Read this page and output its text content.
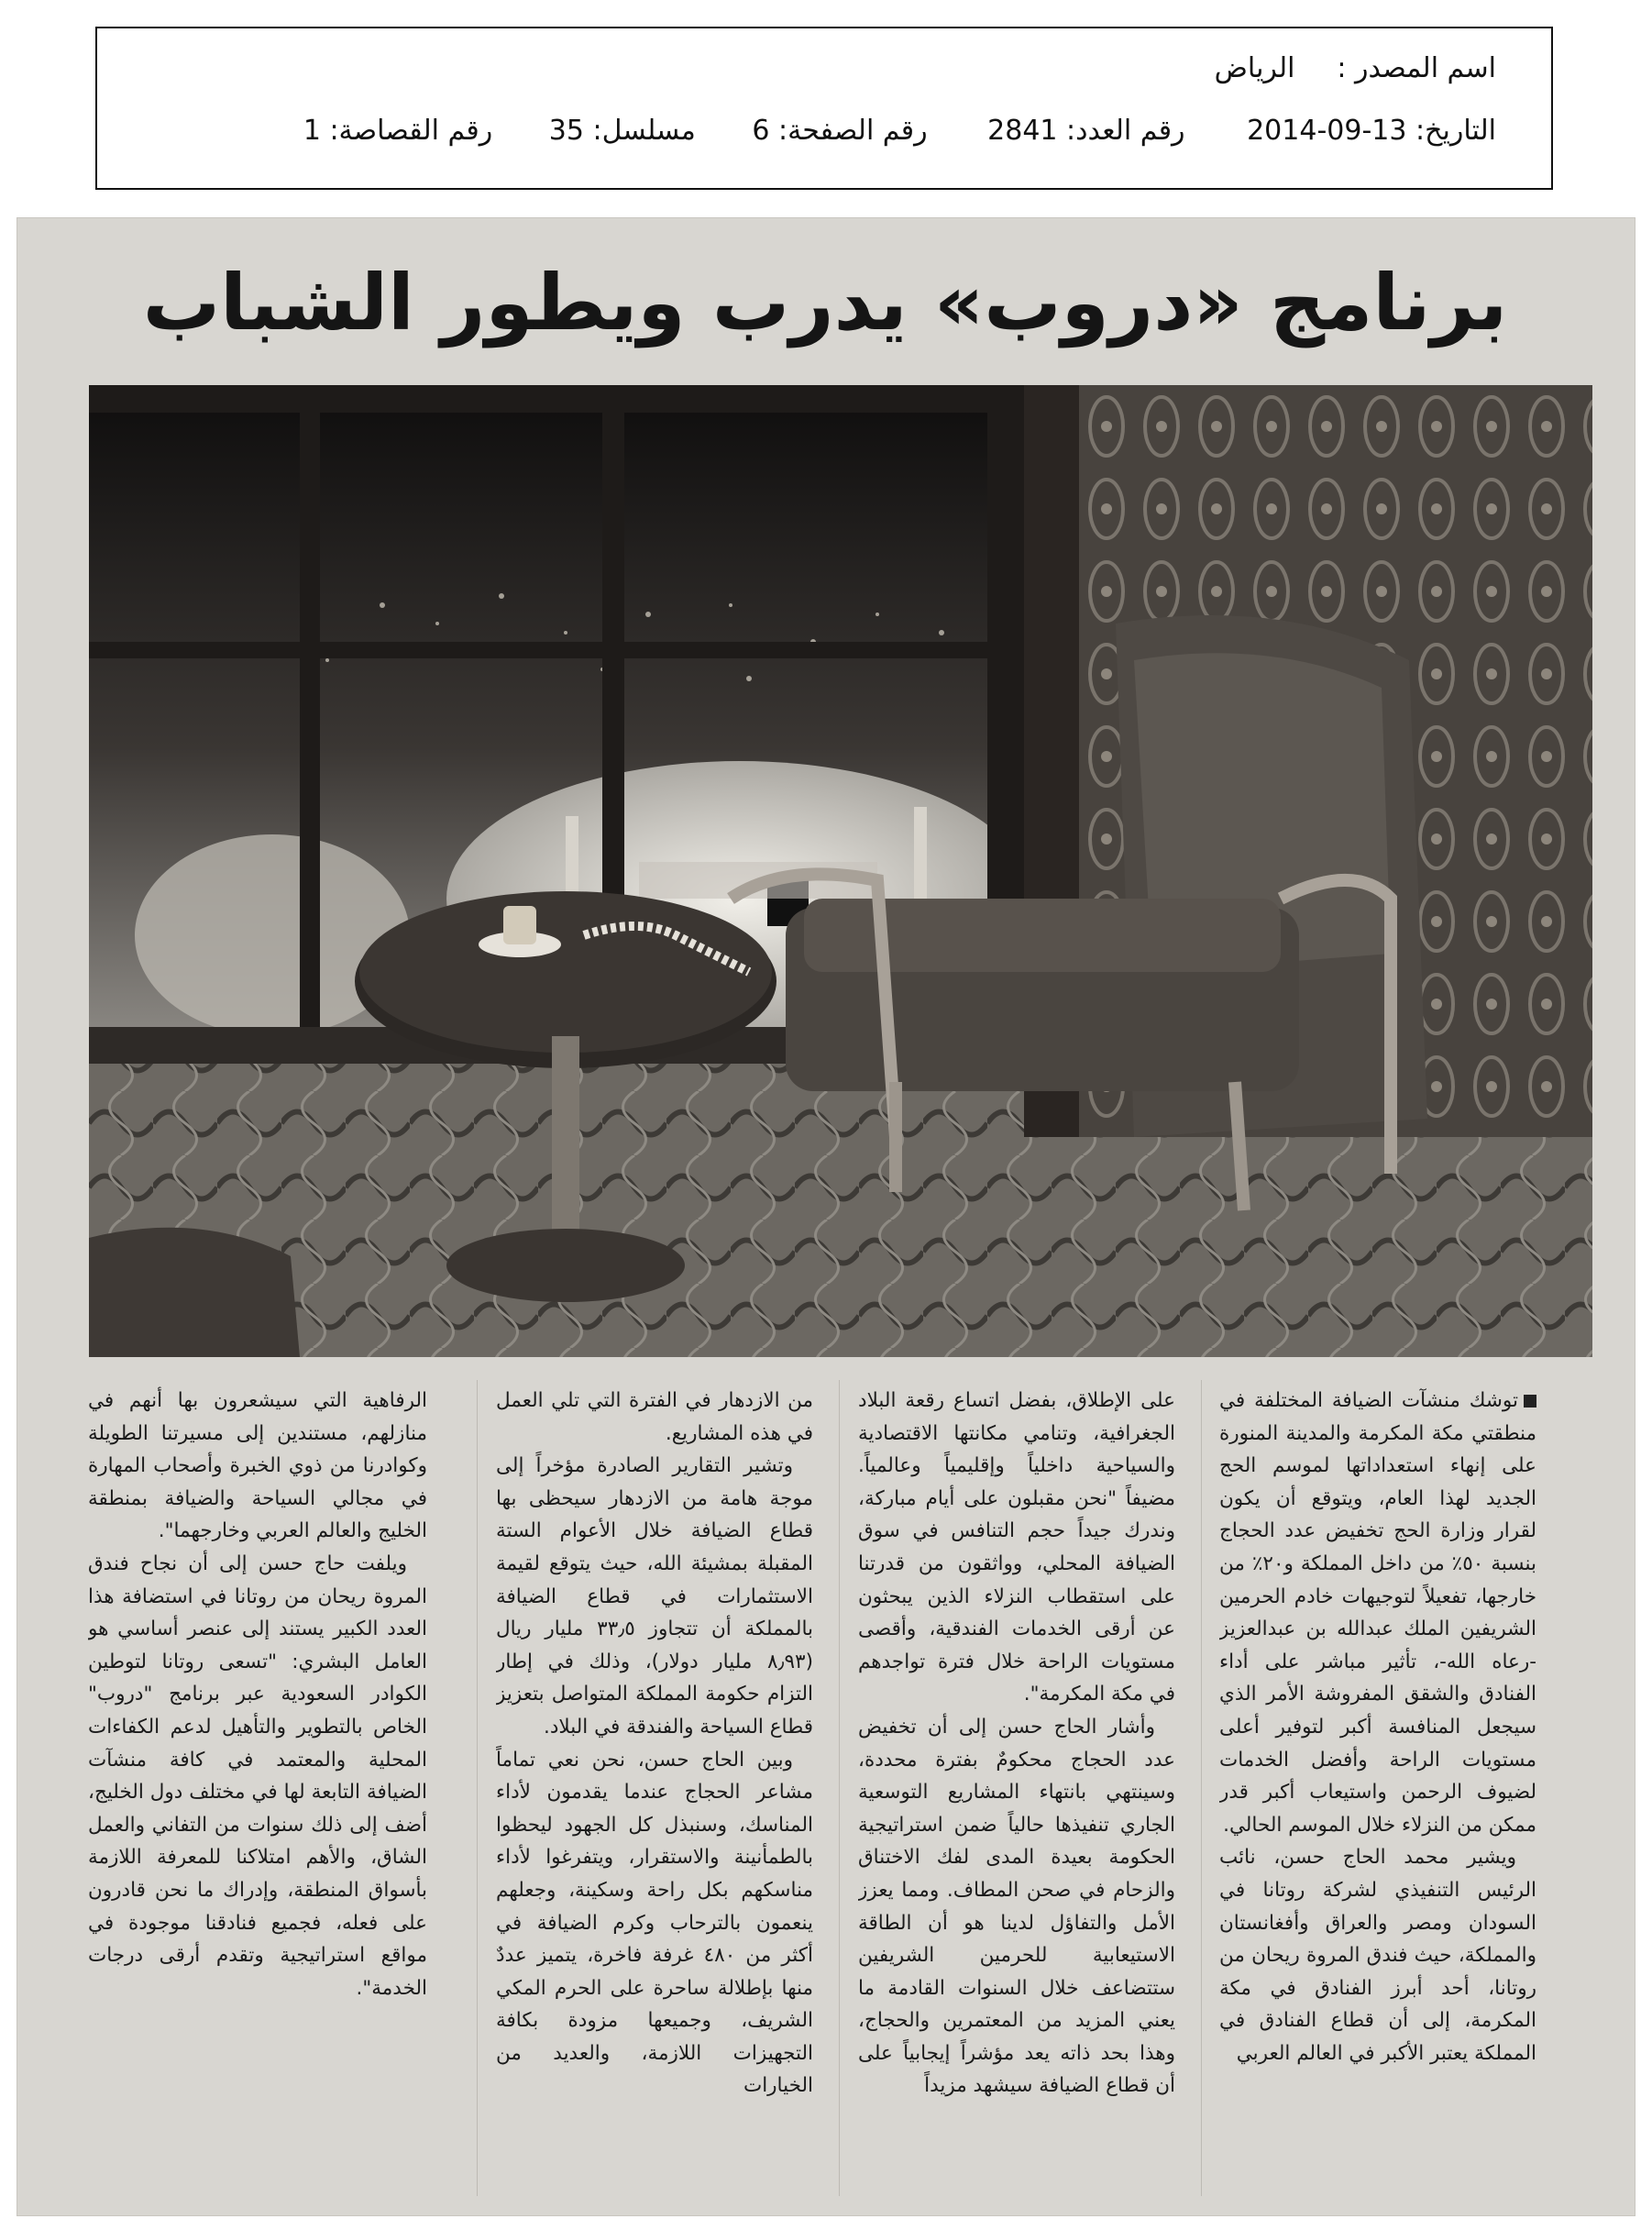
اسم المصدر : الرياض
التاريخ: 13-09-2014 رقم العدد: 2841 رقم الصفحة: 6 مسلسل: 35 رقم القصاصة: 1
برنامج «دروب» يدرب ويطور الشباب

توشك منشآت الضيافة المختلفة في منطقتي مكة المكرمة والمدينة المنورة على إنهاء استعداداتها لموسم الحج الجديد لهذا العام، ويتوقع أن يكون لقرار وزارة الحج تخفيض عدد الحجاج بنسبة ٥٠٪ من داخل المملكة و٢٠٪ من خارجها، تفعيلاً لتوجيهات خادم الحرمين الشريفين الملك عبدالله بن عبدالعزيز -رعاه الله-، تأثير مباشر على أداء الفنادق والشقق المفروشة الأمر الذي سيجعل المنافسة أكبر لتوفير أعلى مستويات الراحة وأفضل الخدمات لضيوف الرحمن واستيعاب أكبر قدر ممكن من النزلاء خلال الموسم الحالي.

ويشير محمد الحاج حسن، نائب الرئيس التنفيذي لشركة روتانا في السودان ومصر والعراق وأفغانستان والمملكة، حيث فندق المروة ريحان من روتانا، أحد أبرز الفنادق في مكة المكرمة، إلى أن قطاع الفنادق في المملكة يعتبر الأكبر في العالم العربي

على الإطلاق، بفضل اتساع رقعة البلاد الجغرافية، وتنامي مكانتها الاقتصادية والسياحية داخلياً وإقليمياً وعالمياً. مضيفاً "نحن مقبلون على أيام مباركة، وندرك جيداً حجم التنافس في سوق الضيافة المحلي، وواثقون من قدرتنا على استقطاب النزلاء الذين يبحثون عن أرقى الخدمات الفندقية، وأقصى مستويات الراحة خلال فترة تواجدهم في مكة المكرمة".

وأشار الحاج حسن إلى أن تخفيض عدد الحجاج محكومٌ بفترة محددة، وسينتهي بانتهاء المشاريع التوسعية الجاري تنفيذها حالياً ضمن استراتيجية الحكومة بعيدة المدى لفك الاختناق والزحام في صحن المطاف. ومما يعزز الأمل والتفاؤل لدينا هو أن الطاقة الاستيعابية للحرمين الشريفين ستتضاعف خلال السنوات القادمة ما يعني المزيد من المعتمرين والحجاج، وهذا بحد ذاته يعد مؤشراً إيجابياً على أن قطاع الضيافة سيشهد مزيداً

من الازدهار في الفترة التي تلي العمل في هذه المشاريع.

وتشير التقارير الصادرة مؤخراً إلى موجة هامة من الازدهار سيحظى بها قطاع الضيافة خلال الأعوام الستة المقبلة بمشيئة الله، حيث يتوقع لقيمة الاستثمارات في قطاع الضيافة بالمملكة أن تتجاوز ٣٣٫٥ مليار ريال (٨٫٩٣ مليار دولار)، وذلك في إطار التزام حكومة المملكة المتواصل بتعزيز قطاع السياحة والفندقة في البلاد.

وبين الحاج حسن، نحن نعي تماماً مشاعر الحجاج عندما يقدمون لأداء المناسك، وسنبذل كل الجهود ليحظوا بالطمأنينة والاستقرار، ويتفرغوا لأداء مناسكهم بكل راحة وسكينة، وجعلهم ينعمون بالترحاب وكرم الضيافة في أكثر من ٤٨٠ غرفة فاخرة، يتميز عددٌ منها بإطلالة ساحرة على الحرم المكي الشريف، وجميعها مزودة بكافة التجهيزات اللازمة، والعديد من الخيارات

الرفاهية التي سيشعرون بها أنهم في منازلهم، مستندين إلى مسيرتنا الطويلة وكوادرنا من ذوي الخبرة وأصحاب المهارة في مجالي السياحة والضيافة بمنطقة الخليج والعالم العربي وخارجهما".

ويلفت حاج حسن إلى أن نجاح فندق المروة ريحان من روتانا في استضافة هذا العدد الكبير يستند إلى عنصر أساسي هو العامل البشري: "تسعى روتانا لتوطين الكوادر السعودية عبر برنامج "دروب" الخاص بالتطوير والتأهيل لدعم الكفاءات المحلية والمعتمد في كافة منشآت الضيافة التابعة لها في مختلف دول الخليج، أضف إلى ذلك سنوات من التفاني والعمل الشاق، والأهم امتلاكنا للمعرفة اللازمة بأسواق المنطقة، وإدراك ما نحن قادرون على فعله، فجميع فنادقنا موجودة في مواقع استراتيجية وتقدم أرقى درجات الخدمة".
